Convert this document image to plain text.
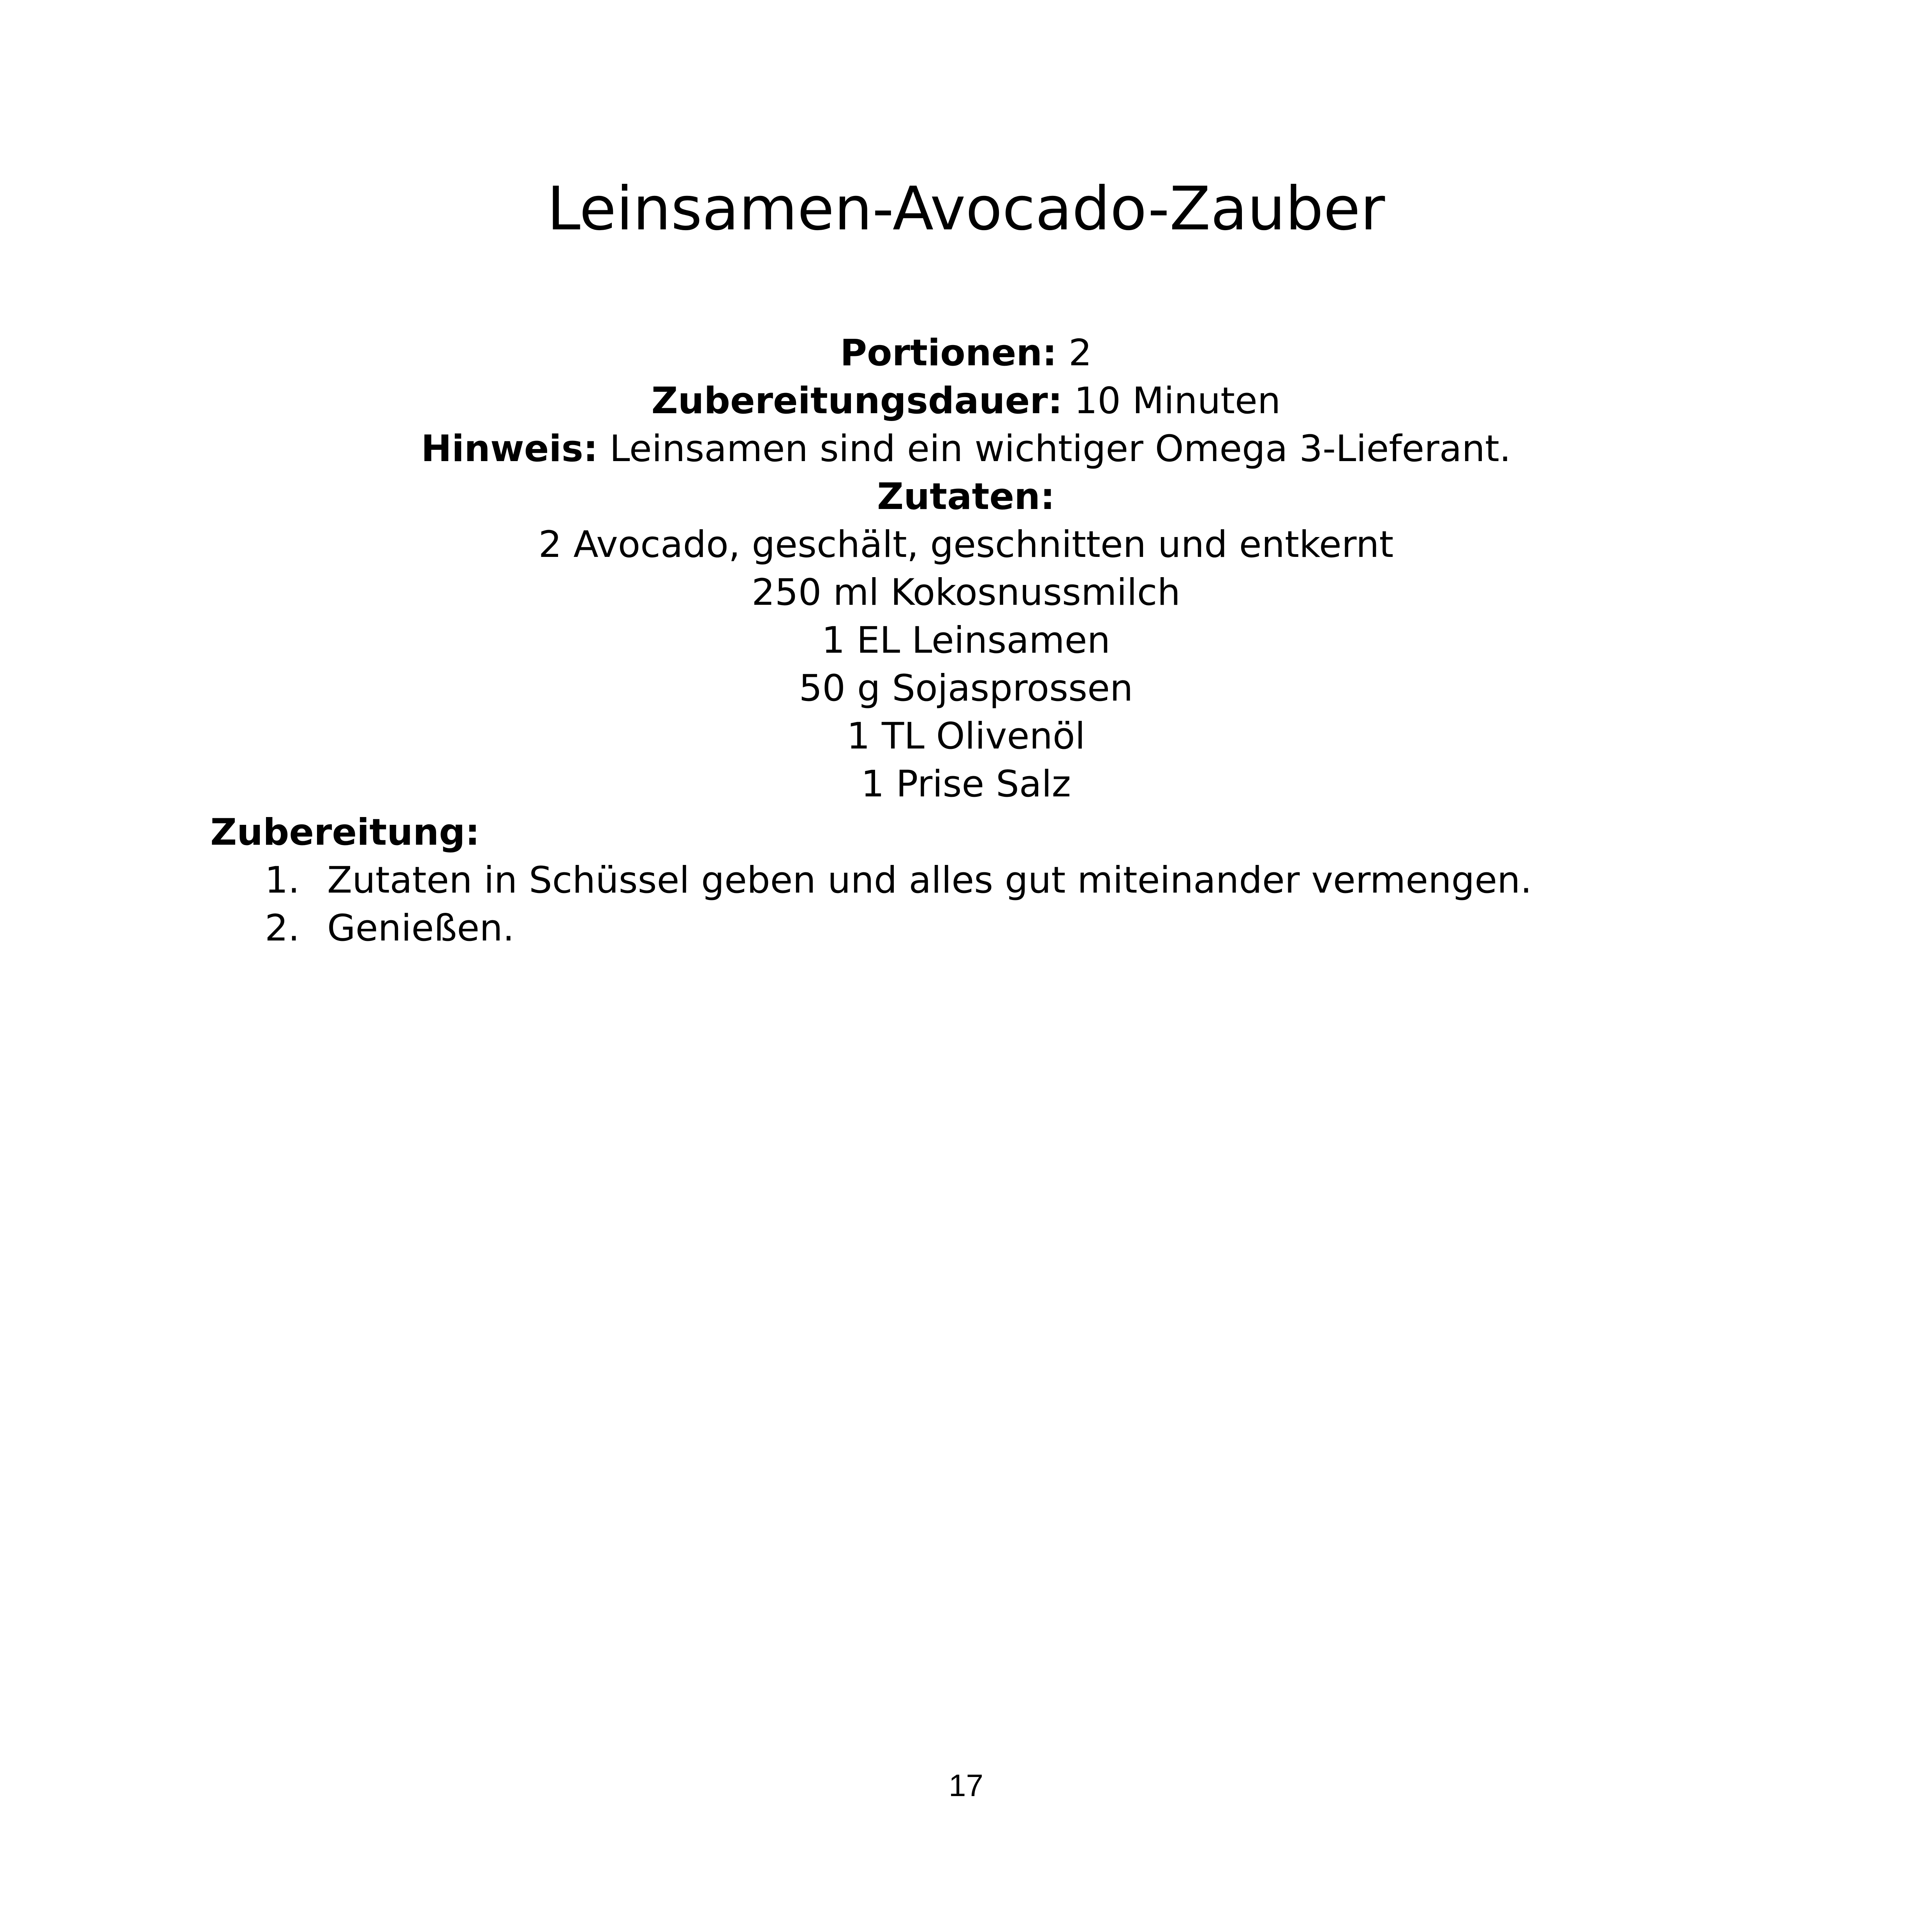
Leinsamen-Avocado-Zauber
Portionen: 2
Zubereitungsdauer: 10 Minuten
Hinweis: Leinsamen sind ein wichtiger Omega 3-Lieferant.
Zutaten:
2 Avocado, geschält, geschnitten und entkernt
250 ml Kokosnussmilch
1 EL Leinsamen
50 g Sojasprossen
1 TL Olivenöl
1 Prise Salz
Zubereitung:
1. Zutaten in Schüssel geben und alles gut miteinander vermengen.
2. Genießen.
17
